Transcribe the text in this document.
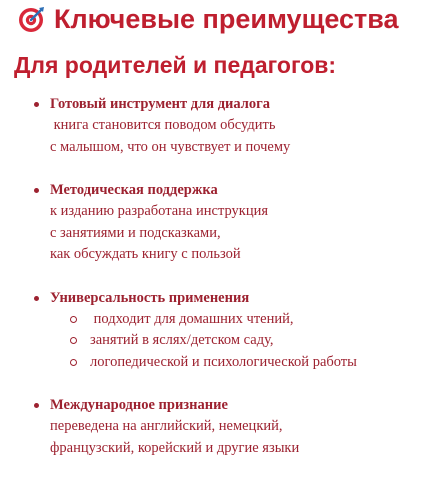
Ключевые преимущества
Для родителей и педагогов:
Готовый инструмент для диалога
книга становится поводом обсудить
с малышом, что он чувствует и почему
Методическая поддержка
к изданию разработана инструкция
с занятиями и подсказками,
как обсуждать книгу с пользой
Универсальность применения
подходит для домашних чтений,
занятий в яслях/детском саду,
логопедической и психологической работы
Международное признание
переведена на английский, немецкий,
французский, корейский и другие языки
